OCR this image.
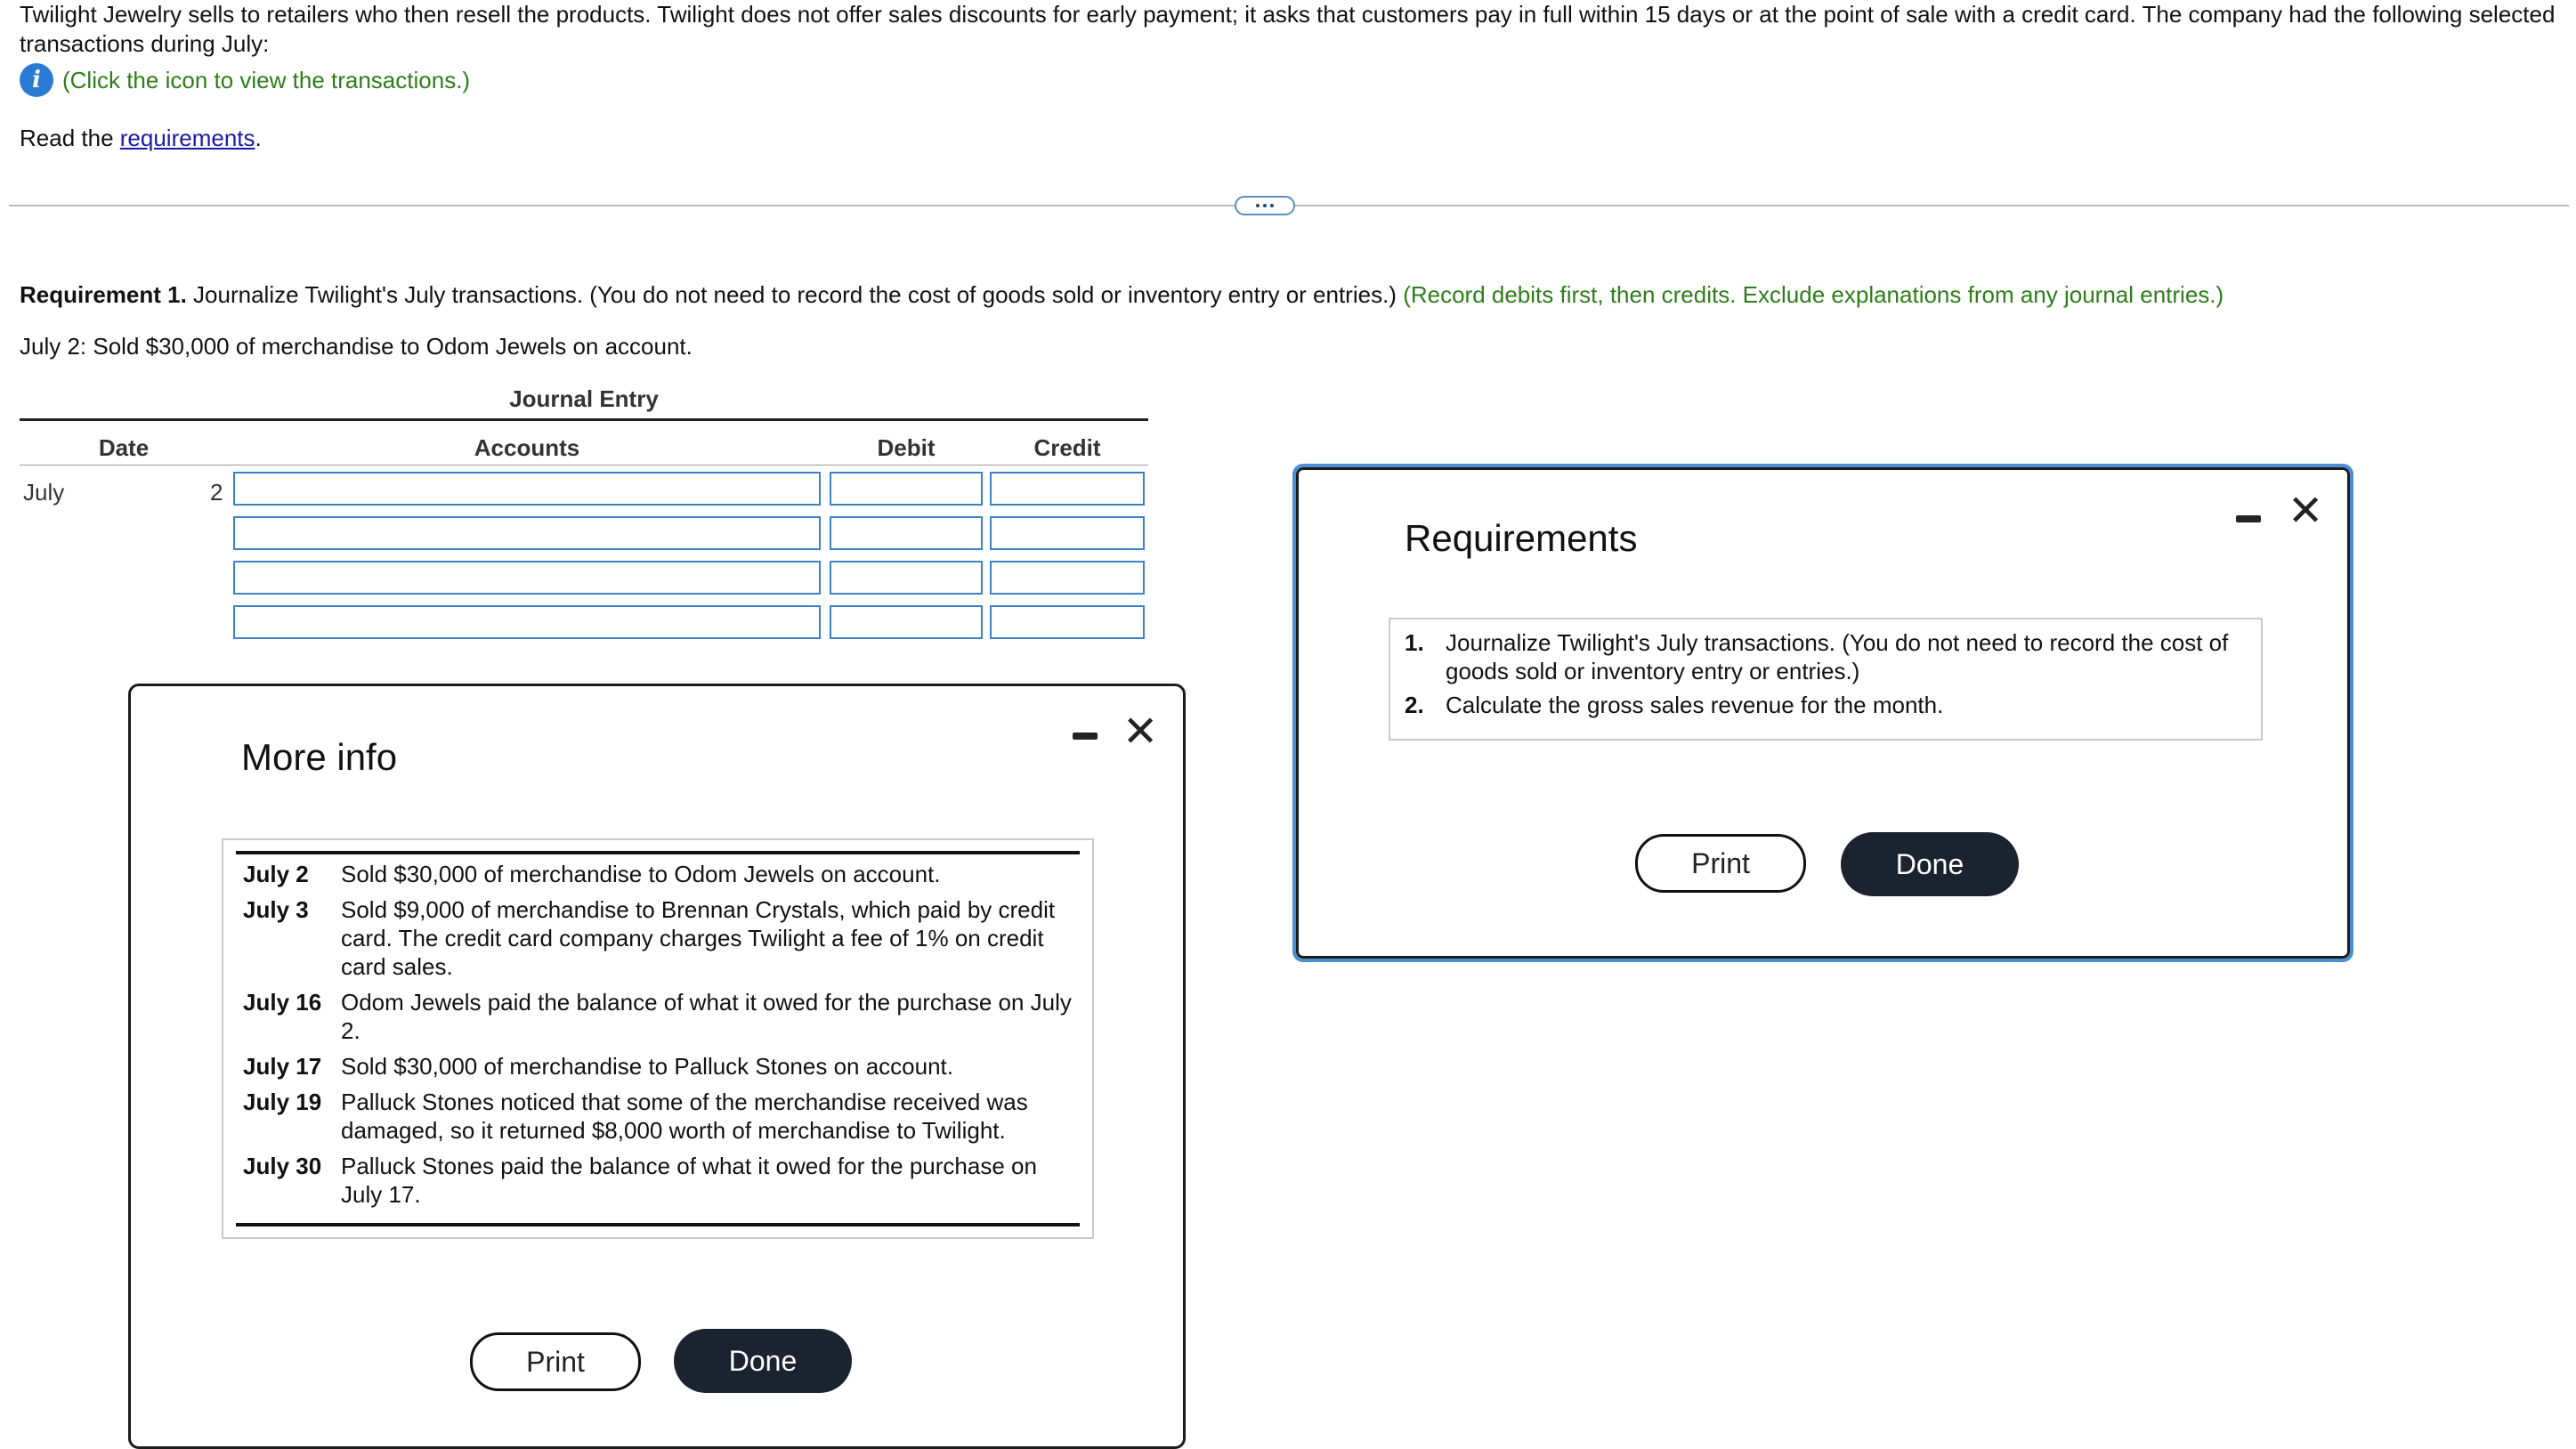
Twilight Jewelry sells to retailers who then resell the products. Twilight does not offer sales discounts for early payment; it asks that customers pay in full within 15 days or at the point of sale with a credit card. The company had the following selected transactions during July:
i (Click the icon to view the transactions.)
Read the requirements.
Requirement 1. Journalize Twilight's July transactions. (You do not need to record the cost of goods sold or inventory entry or entries.) (Record debits first, then credits. Exclude explanations from any journal entries.)
July 2: Sold $30,000 of merchandise to Odom Jewels on account.
Journal Entry
Date	Accounts	Debit	Credit
July	2
Requirements
✕
1. Journalize Twilight's July transactions. (You do not need to record the cost of goods sold or inventory entry or entries.)
2. Calculate the gross sales revenue for the month.
Print	Done
More info
✕
July 2	Sold $30,000 of merchandise to Odom Jewels on account.
July 3	Sold $9,000 of merchandise to Brennan Crystals, which paid by credit card. The credit card company charges Twilight a fee of 1% on credit card sales.
July 16 Odom Jewels paid the balance of what it owed for the purchase on July 2.
July 17 Sold $30,000 of merchandise to Palluck Stones on account.
July 19 Palluck Stones noticed that some of the merchandise received was damaged, so it returned $8,000 worth of merchandise to Twilight.
July 30 Palluck Stones paid the balance of what it owed for the purchase on July 17.
Print	Done
